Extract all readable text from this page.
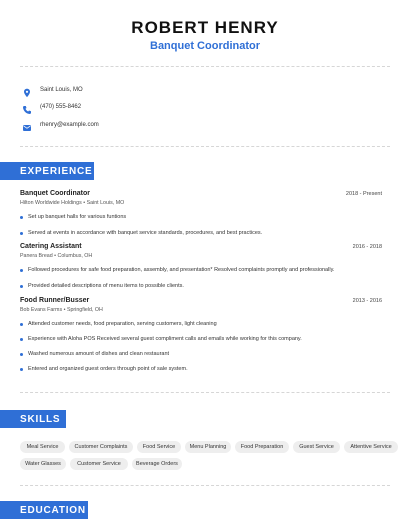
ROBERT HENRY
Banquet Coordinator
Saint Louis, MO
(470) 555-8462
rhenry@example.com
EXPERIENCE
Banquet Coordinator	2018 - Present
Hilton Worldwide Holdings • Saint Louis, MO
Set up banquet halls for various funtions
Served at events in accordance with banquet service standards, procedures, and best practices.
Catering Assistant	2016 - 2018
Panera Bread • Columbus, OH
Followed procedures for safe food preparation, assembly, and presentation* Resolved complaints promptly and professionally.
Provided detailed descriptions of menu items to possible clients.
Food Runner/Busser	2013 - 2016
Bob Evans Farms • Springfield, OH
Attended customer needs, food preparation, serving customers, light cleaning
Experience with Aloha POS Received several guest compliment calls and emails while working for this company.
Washed numerous amount of dishes and clean restaurant
Entered and organized guest orders through point of sale system.
SKILLS
Meal Service	Customer Complaints	Food Service	Menu Planning	Food Preparation	Guest Service	Attentive Service
Water Glasses	Customer Service	Beverage Orders
EDUCATION
